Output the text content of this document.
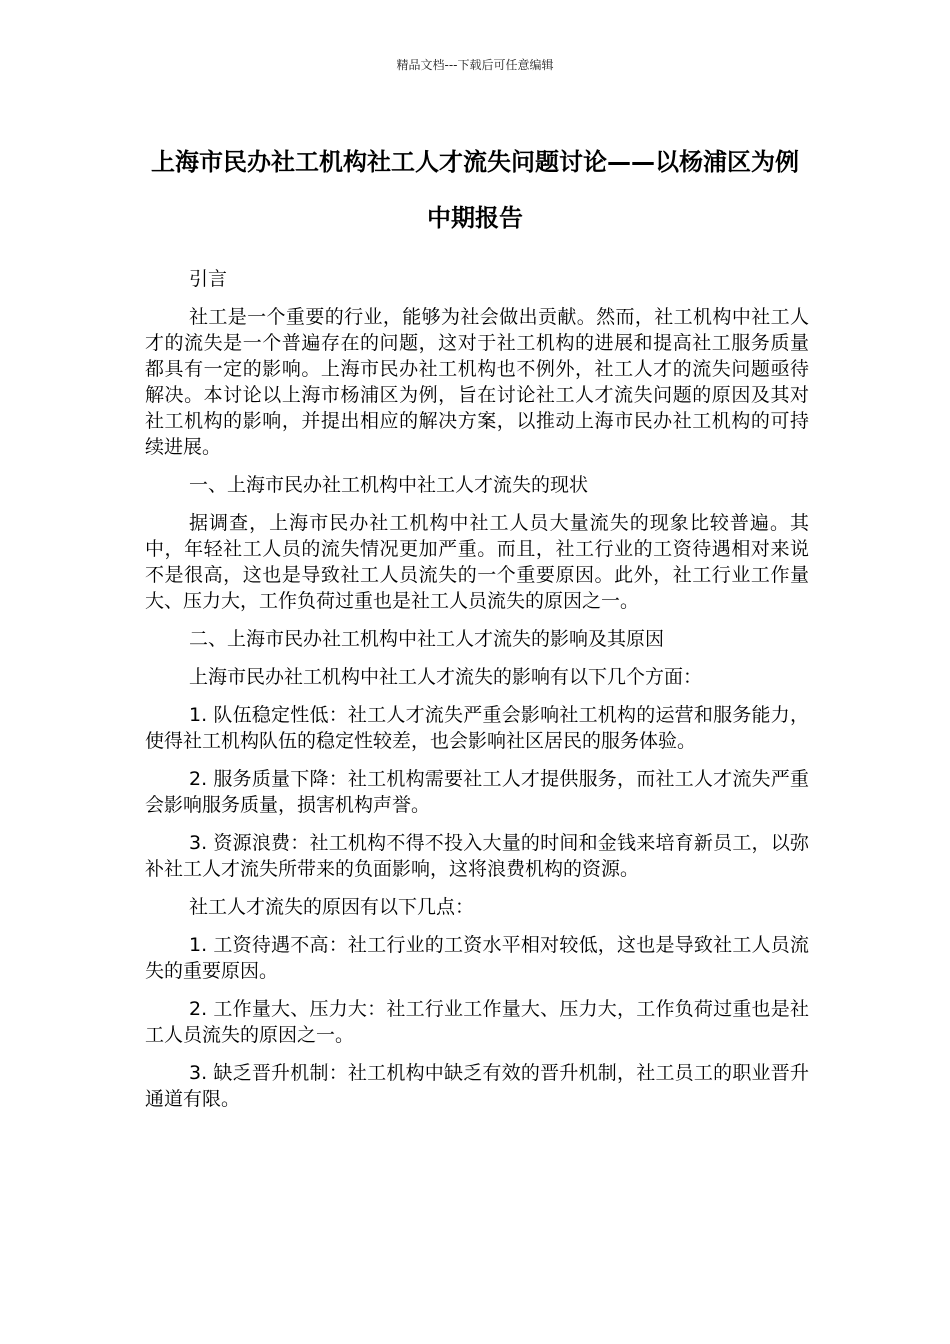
精品文档---下载后可任意编辑
上海市民办社工机构社工人才流失问题讨论——以杨浦区为例中期报告

引言

社工是一个重要的行业，能够为社会做出贡献。然而，社工机构中社工人才的流失是一个普遍存在的问题，这对于社工机构的进展和提高社工服务质量都具有一定的影响。上海市民办社工机构也不例外，社工人才的流失问题亟待解决。本讨论以上海市杨浦区为例，旨在讨论社工人才流失问题的原因及其对社工机构的影响，并提出相应的解决方案，以推动上海市民办社工机构的可持续进展。

一、上海市民办社工机构中社工人才流失的现状

据调查，上海市民办社工机构中社工人员大量流失的现象比较普遍。其中，年轻社工人员的流失情况更加严重。而且，社工行业的工资待遇相对来说不是很高，这也是导致社工人员流失的一个重要原因。此外，社工行业工作量大、压力大，工作负荷过重也是社工人员流失的原因之一。

二、上海市民办社工机构中社工人才流失的影响及其原因

上海市民办社工机构中社工人才流失的影响有以下几个方面：

1. 队伍稳定性低：社工人才流失严重会影响社工机构的运营和服务能力，使得社工机构队伍的稳定性较差，也会影响社区居民的服务体验。

2. 服务质量下降：社工机构需要社工人才提供服务，而社工人才流失严重会影响服务质量，损害机构声誉。

3. 资源浪费：社工机构不得不投入大量的时间和金钱来培育新员工，以弥补社工人才流失所带来的负面影响，这将浪费机构的资源。

社工人才流失的原因有以下几点：

1. 工资待遇不高：社工行业的工资水平相对较低，这也是导致社工人员流失的重要原因。

2. 工作量大、压力大：社工行业工作量大、压力大，工作负荷过重也是社工人员流失的原因之一。

3. 缺乏晋升机制：社工机构中缺乏有效的晋升机制，社工员工的职业晋升通道有限。
